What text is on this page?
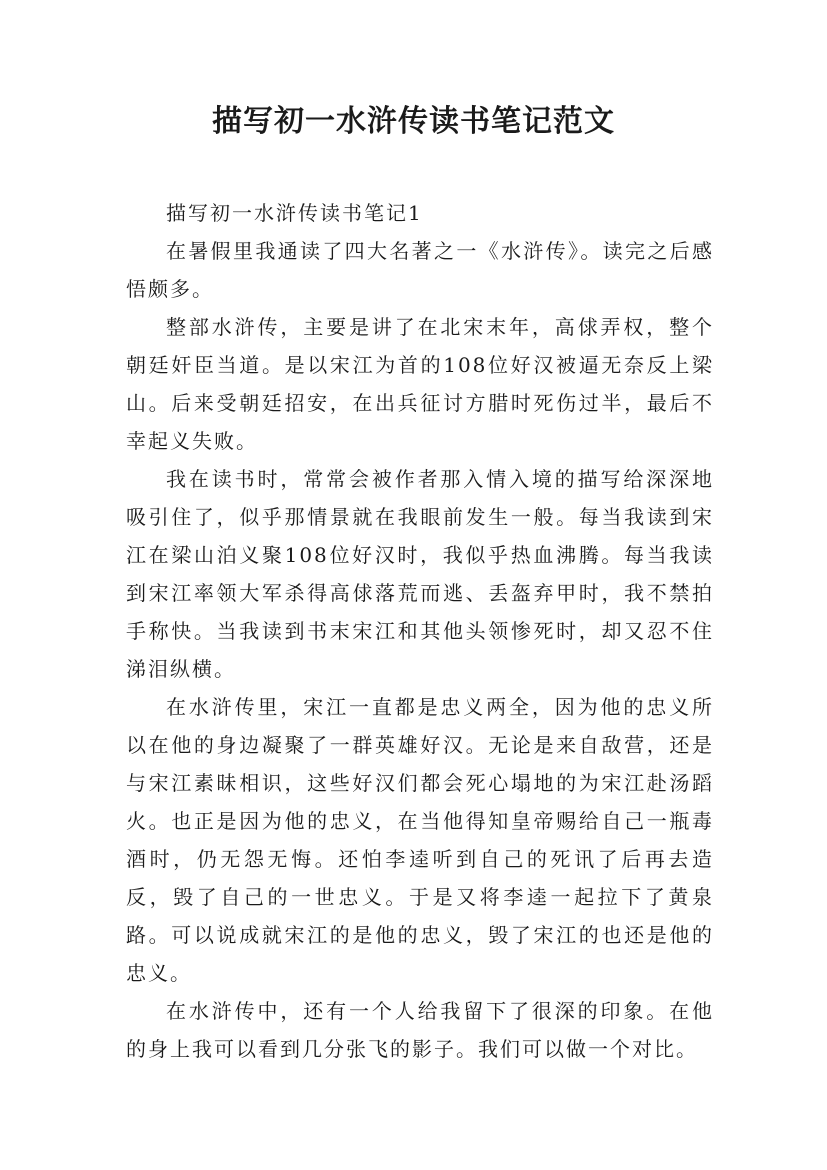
描写初一水浒传读书笔记范文

描写初一水浒传读书笔记1

在暑假里我通读了四大名著之一《水浒传》。读完之后感悟颇多。

整部水浒传，主要是讲了在北宋末年，高俅弄权，整个朝廷奸臣当道。是以宋江为首的108位好汉被逼无奈反上梁山。后来受朝廷招安，在出兵征讨方腊时死伤过半，最后不幸起义失败。

我在读书时，常常会被作者那入情入境的描写给深深地吸引住了，似乎那情景就在我眼前发生一般。每当我读到宋江在梁山泊义聚108位好汉时，我似乎热血沸腾。每当我读到宋江率领大军杀得高俅落荒而逃、丢盔弃甲时，我不禁拍手称快。当我读到书末宋江和其他头领惨死时，却又忍不住涕泪纵横。

在水浒传里，宋江一直都是忠义两全，因为他的忠义所以在他的身边凝聚了一群英雄好汉。无论是来自敌营，还是与宋江素昧相识，这些好汉们都会死心塌地的为宋江赴汤蹈火。也正是因为他的忠义，在当他得知皇帝赐给自己一瓶毒酒时，仍无怨无悔。还怕李逵听到自己的死讯了后再去造反，毁了自己的一世忠义。于是又将李逵一起拉下了黄泉路。可以说成就宋江的是他的忠义，毁了宋江的也还是他的忠义。

在水浒传中，还有一个人给我留下了很深的印象。在他的身上我可以看到几分张飞的影子。我们可以做一个对比。
